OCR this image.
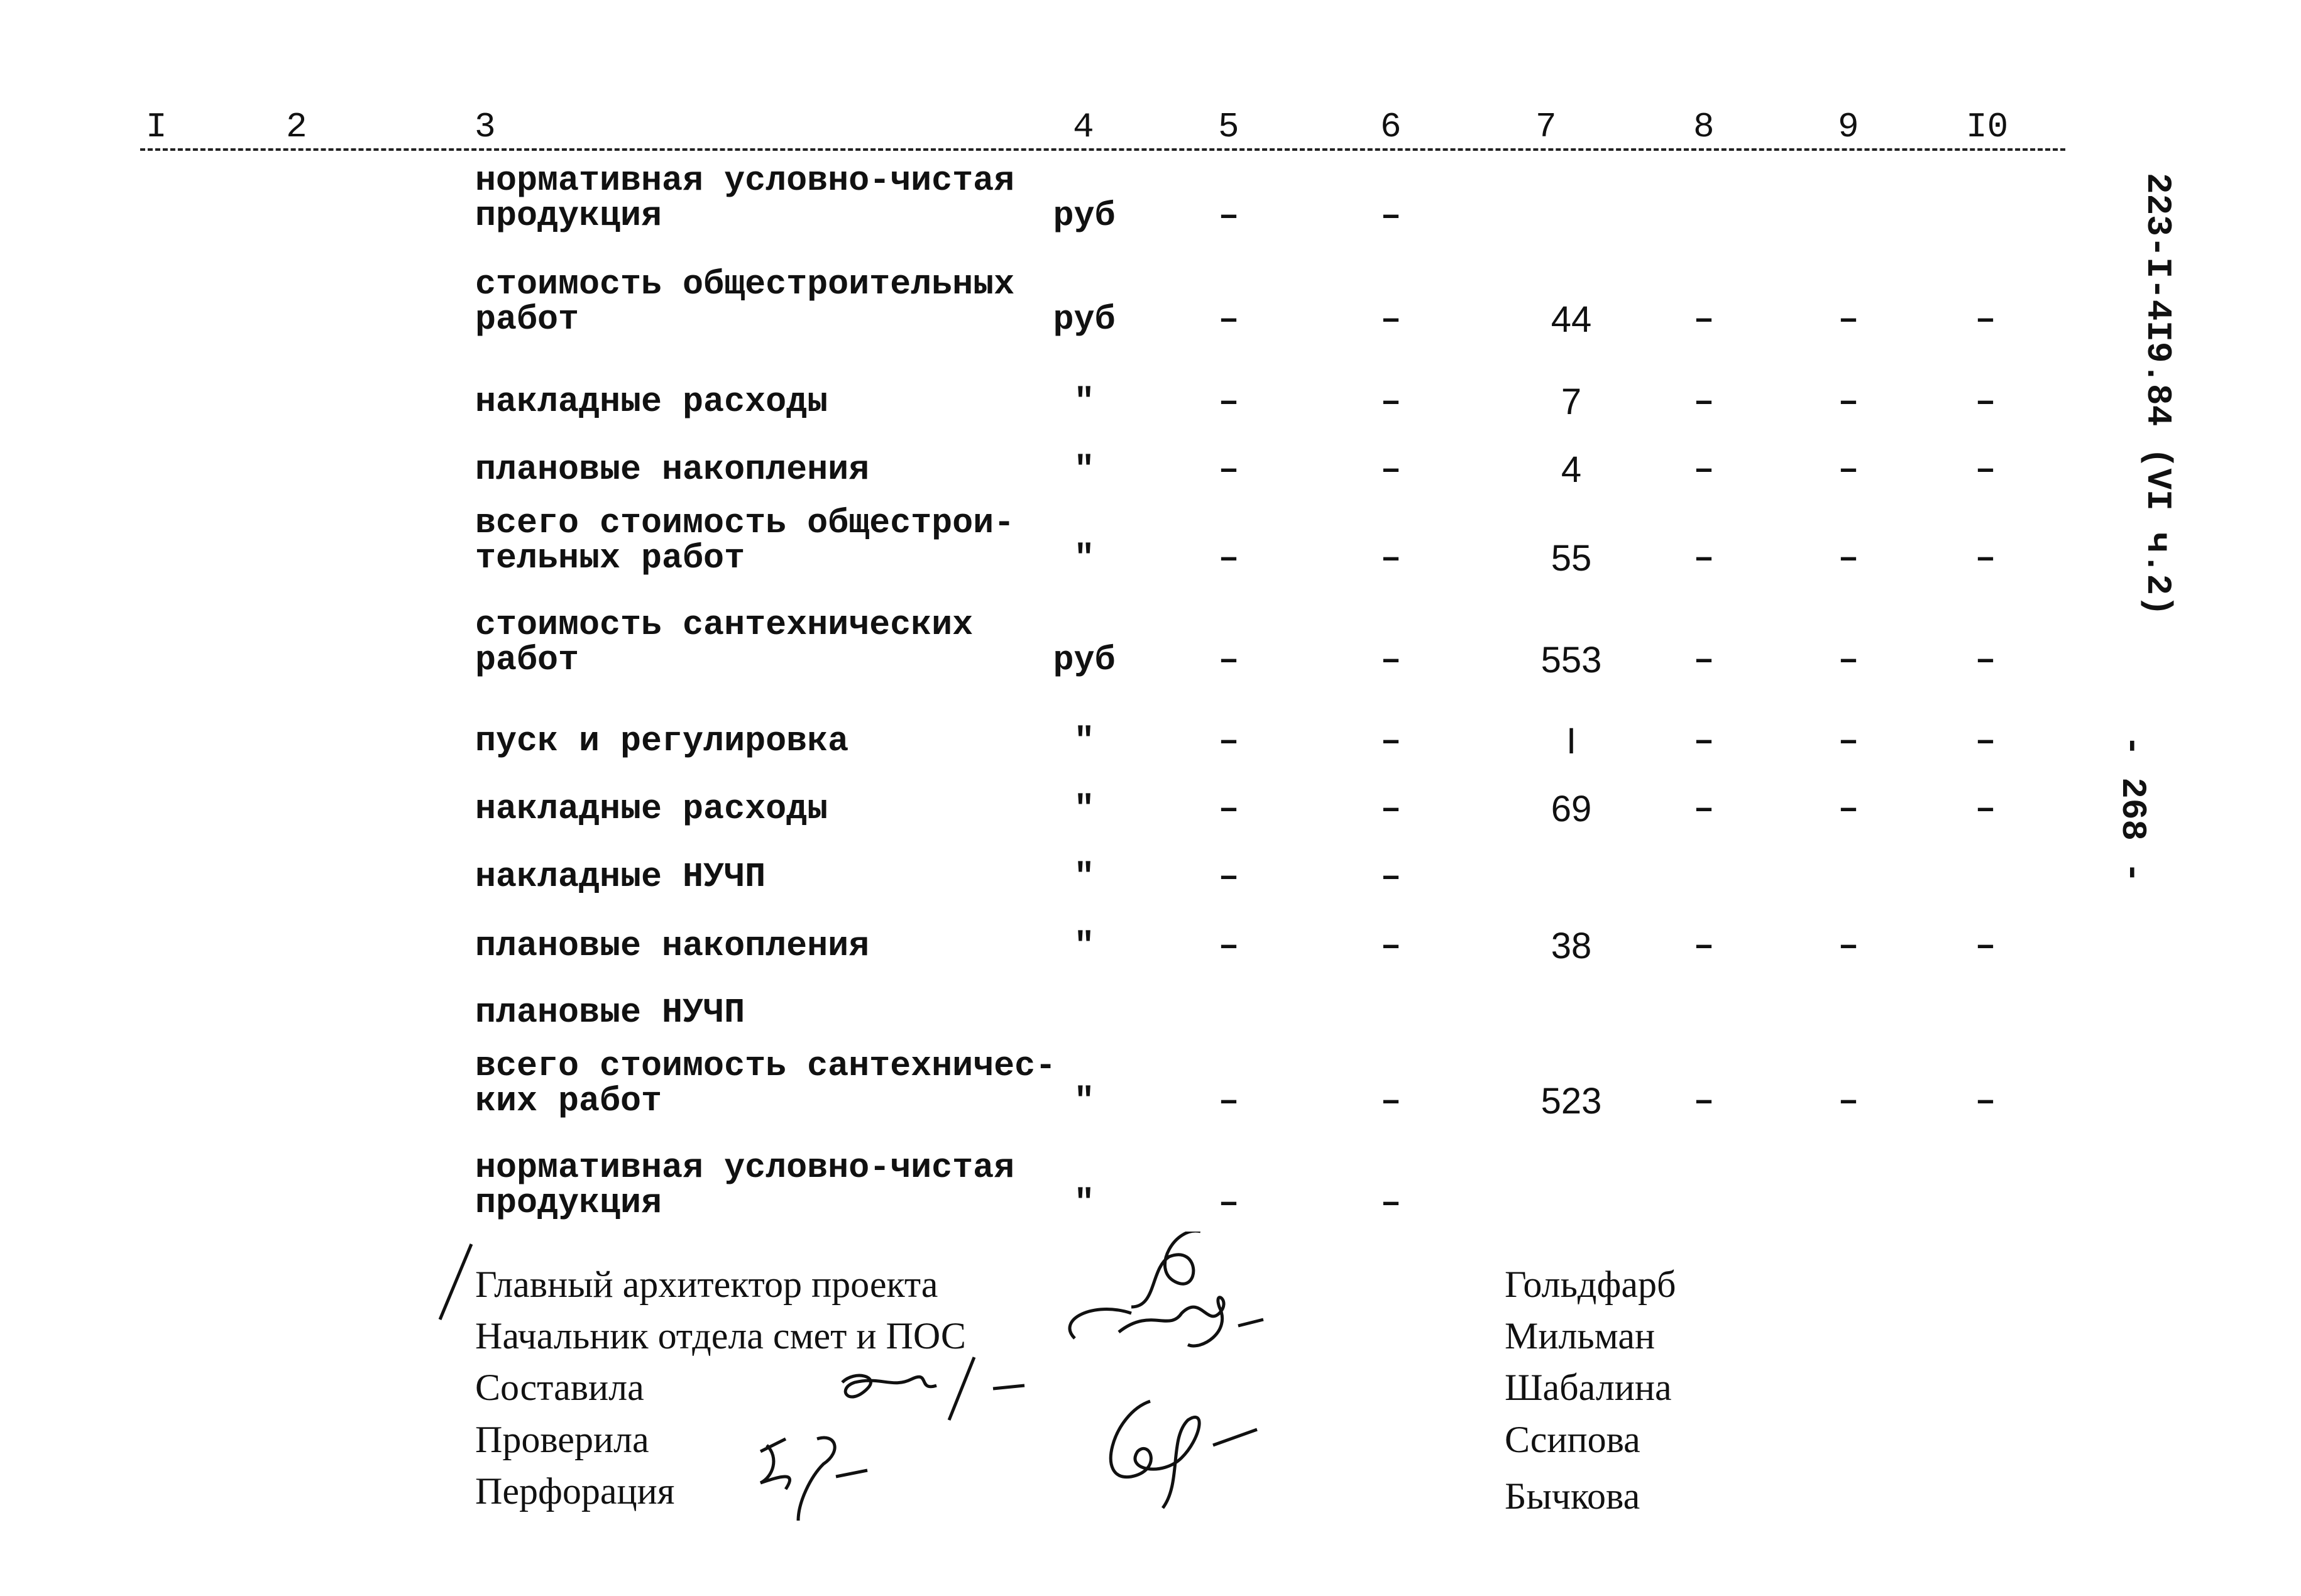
I	2	3	4	5	6	7	8	9	I0
нормативная условно-чистая
продукция	руб	–	–
стоимость общестроительных
работ	руб	–	–	44	–	–	–
накладные расходы	″	–	–	7	–	–	–
плановые накопления	″	–	–	4	–	–	–
всего стоимость общестрои-
тельных работ	″	–	–	55	–	–	–
стоимость сантехнических
работ	руб	–	–	553	–	–	–
пуск и регулировка	″	–	–	I	–	–	–
накладные расходы	″	–	–	69	–	–	–
накладные НУЧП	″	–	–
плановые накопления	″	–	–	38	–	–	–
плановые НУЧП
всего стоимость сантехничес-
ких работ	″	–	–	523	–	–	–
нормативная условно-чистая
продукция	″	–	–
Главный архитектор проекта	Гольдфарб
Начальник отдела смет и ПОС	Мильман
Составила	Шабалина
Проверила	Ссипова
Перфорация	Бычкова
223-I-4I9.84 (VI ч.2)
- 268 -
